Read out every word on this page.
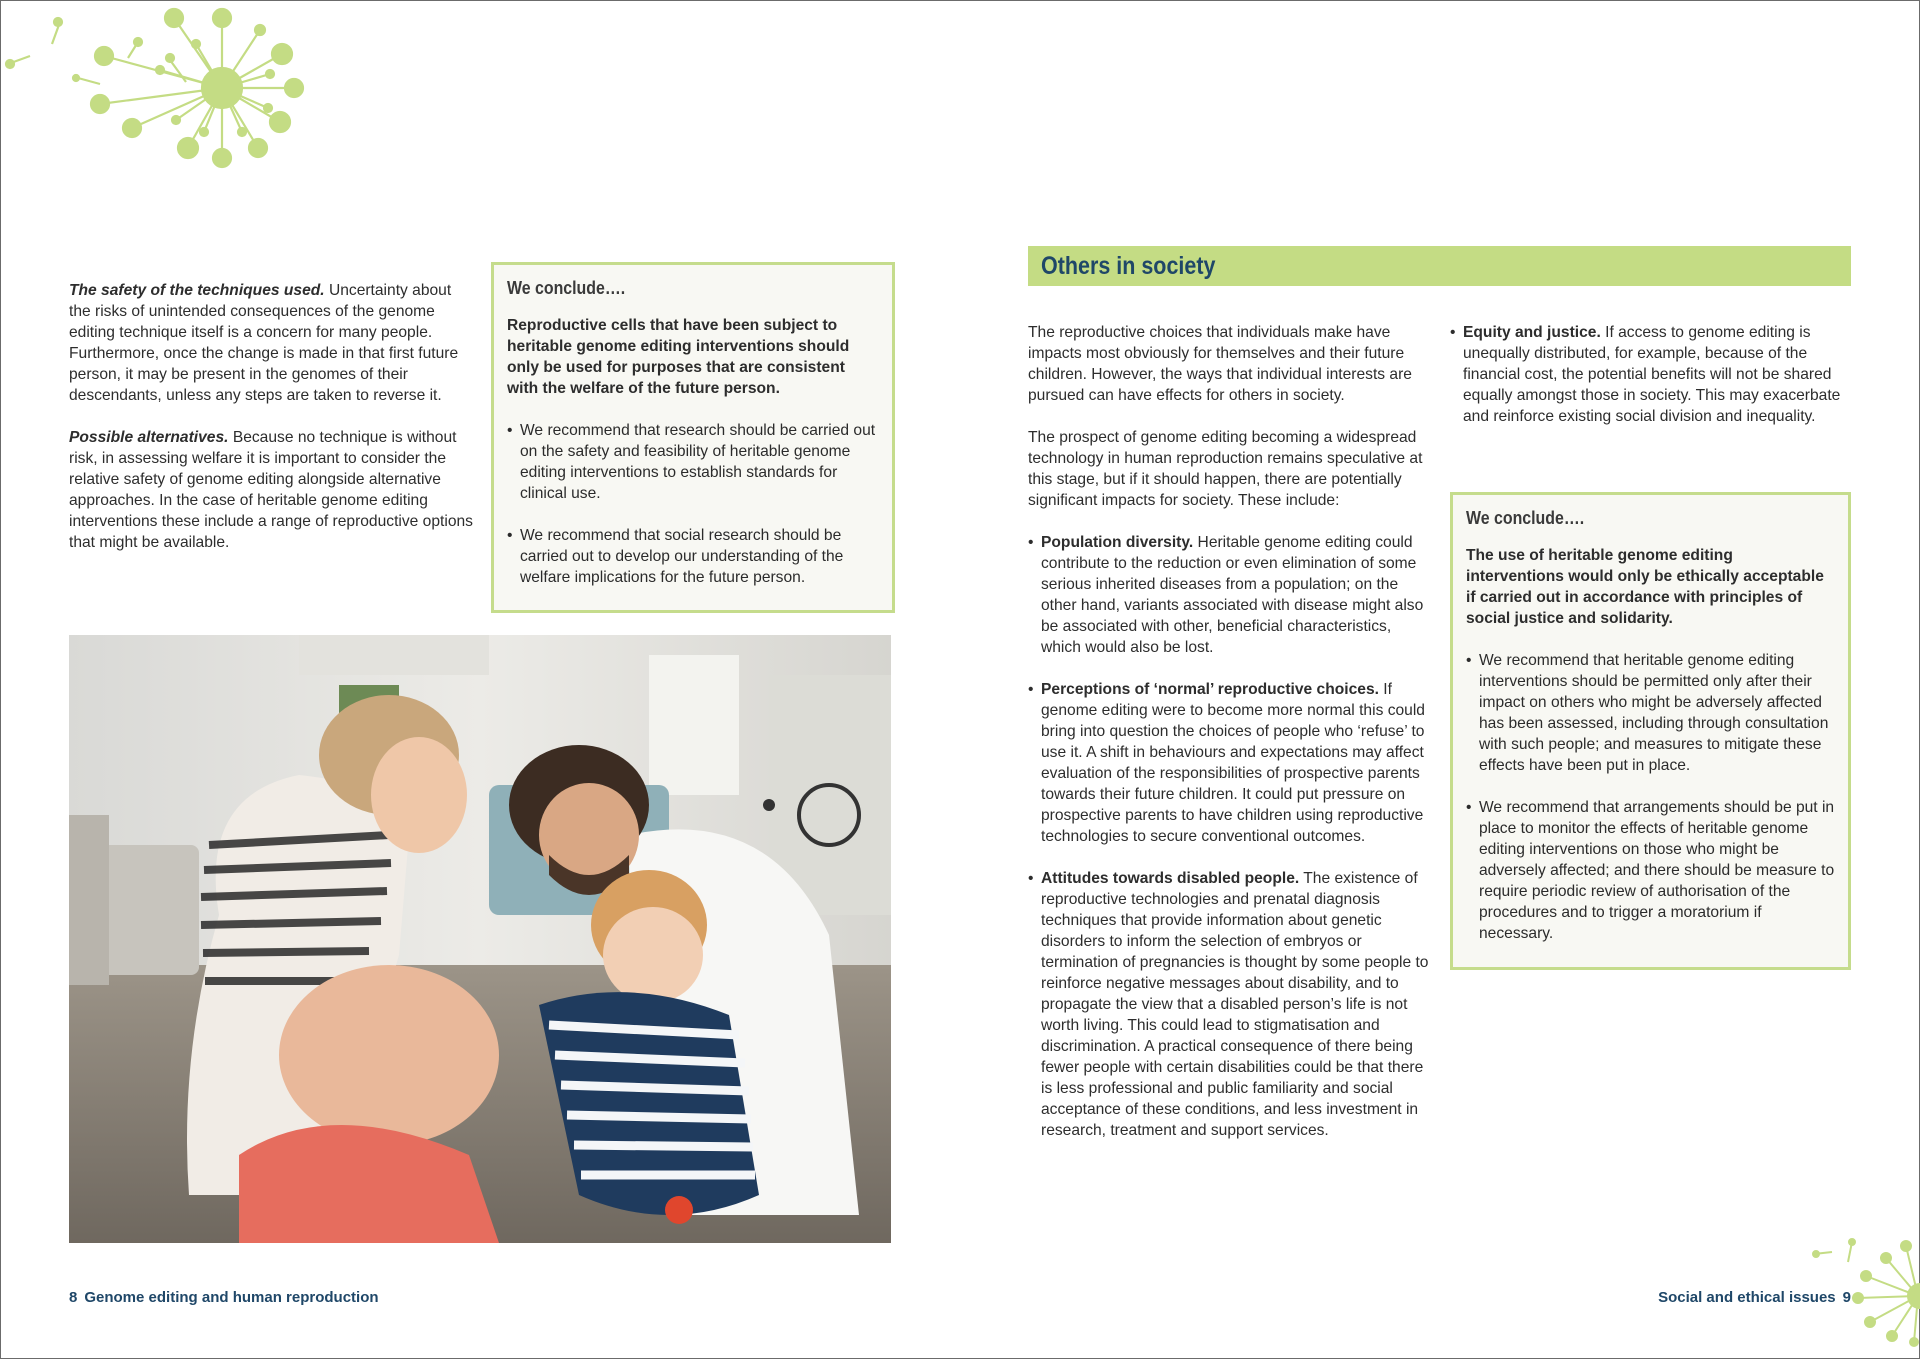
The safety of the techniques used. Uncertainty about the risks of unintended consequences of the genome editing technique itself is a concern for many people. Furthermore, once the change is made in that first future person, it may be present in the genomes of their descendants, unless any steps are taken to reverse it.

Possible alternatives. Because no technique is without risk, in assessing welfare it is important to consider the relative safety of genome editing alongside alternative approaches. In the case of heritable genome editing interventions these include a range of reproductive options that might be available.

We conclude….
Reproductive cells that have been subject to heritable genome editing interventions should only be used for purposes that are consistent with the welfare of the future person.
• We recommend that research should be carried out on the safety and feasibility of heritable genome editing interventions to establish standards for clinical use.
• We recommend that social research should be carried out to develop our understanding of the welfare implications for the future person.
8 Genome editing and human reproduction
Others in society

The reproductive choices that individuals make have impacts most obviously for themselves and their future children. However, the ways that individual interests are pursued can have effects for others in society.

The prospect of genome editing becoming a widespread technology in human reproduction remains speculative at this stage, but if it should happen, there are potentially significant impacts for society. These include:

• Population diversity. Heritable genome editing could contribute to the reduction or even elimination of some serious inherited diseases from a population; on the other hand, variants associated with disease might also be associated with other, beneficial characteristics, which would also be lost.
• Perceptions of ‘normal’ reproductive choices. If genome editing were to become more normal this could bring into question the choices of people who ‘refuse’ to use it. A shift in behaviours and expectations may affect evaluation of the responsibilities of prospective parents towards their future children. It could put pressure on prospective parents to have children using reproductive technologies to secure conventional outcomes.
• Attitudes towards disabled people. The existence of reproductive technologies and prenatal diagnosis techniques that provide information about genetic disorders to inform the selection of embryos or termination of pregnancies is thought by some people to reinforce negative messages about disability, and to propagate the view that a disabled person’s life is not worth living. This could lead to stigmatisation and discrimination. A practical consequence of there being fewer people with certain disabilities could be that there is less professional and public familiarity and social acceptance of these conditions, and less investment in research, treatment and support services.
• Equity and justice. If access to genome editing is unequally distributed, for example, because of the financial cost, the potential benefits will not be shared equally amongst those in society. This may exacerbate and reinforce existing social division and inequality.
We conclude….
The use of heritable genome editing interventions would only be ethically acceptable if carried out in accordance with principles of social justice and solidarity.
• We recommend that heritable genome editing interventions should be permitted only after their impact on others who might be adversely affected has been assessed, including through consultation with such people; and measures to mitigate these effects have been put in place.
• We recommend that arrangements should be put in place to monitor the effects of heritable genome editing interventions on those who might be adversely affected; and there should be measure to require periodic review of authorisation of the procedures and to trigger a moratorium if necessary.
Social and ethical issues 9
